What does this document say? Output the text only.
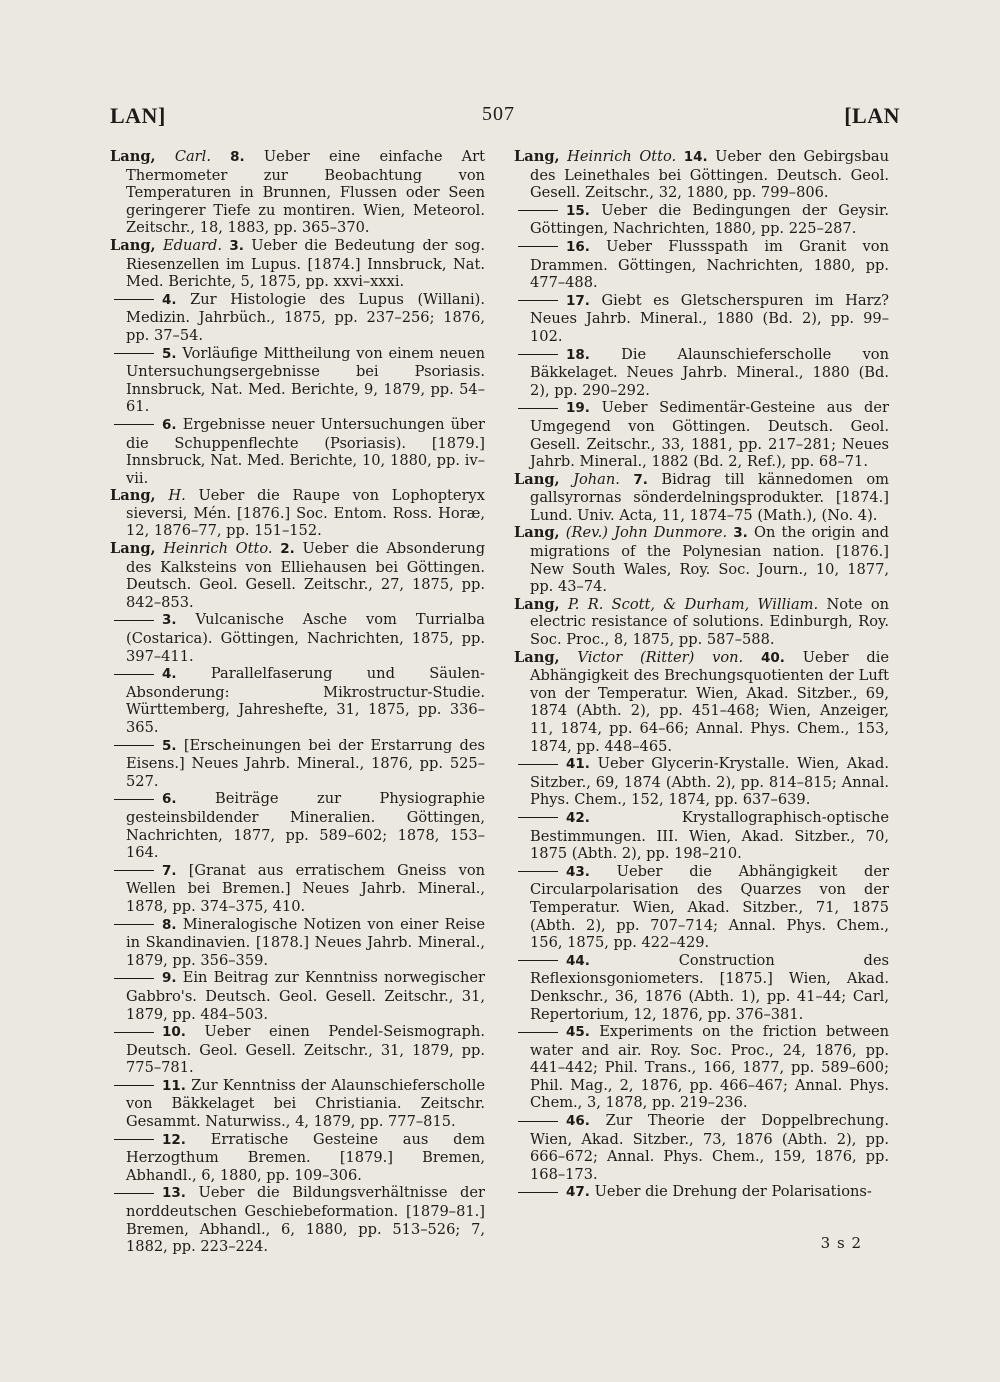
LAN]	507	[LAN

Lang, Carl. 8. Ueber eine einfache Art Thermometer zur Beobachtung von Temperaturen in Brunnen, Flussen oder Seen geringerer Tiefe zu montiren. Wien, Meteorol. Zeitschr., 18, 1883, pp. 365–370.

Lang, Eduard. 3. Ueber die Bedeutung der sog. Riesenzellen im Lupus. [1874.] Innsbruck, Nat. Med. Berichte, 5, 1875, pp. xxvi–xxxi.

4. Zur Histologie des Lupus (Willani). Medizin. Jahrbüch., 1875, pp. 237–256; 1876, pp. 37–54.

5. Vorläufige Mittheilung von einem neuen Untersuchungsergebnisse bei Psoriasis. Innsbruck, Nat. Med. Berichte, 9, 1879, pp. 54–61.

6. Ergebnisse neuer Untersuchungen über die Schuppenflechte (Psoriasis). [1879.] Innsbruck, Nat. Med. Berichte, 10, 1880, pp. iv–vii.

Lang, H. Ueber die Raupe von Lophopteryx sieversi, Mén. [1876.] Soc. Entom. Ross. Horæ, 12, 1876–77, pp. 151–152.

Lang, Heinrich Otto. 2. Ueber die Absonderung des Kalksteins von Elliehausen bei Göttingen. Deutsch. Geol. Gesell. Zeitschr., 27, 1875, pp. 842–853.

3. Vulcanische Asche vom Turrialba (Costarica). Göttingen, Nachrichten, 1875, pp. 397–411.

4. Parallelfaserung und Säulen-Absonderung: Mikrostructur-Studie. Württemberg, Jahreshefte, 31, 1875, pp. 336–365.

5. [Erscheinungen bei der Erstarrung des Eisens.] Neues Jahrb. Mineral., 1876, pp. 525–527.

6.	Beiträge zur Physiographie gesteinsbildender Mineralien. Göttingen, Nachrichten, 1877, pp. 589–602; 1878, 153–164.

7. [Granat aus erratischem Gneiss von Wellen bei Bremen.] Neues Jahrb. Mineral., 1878, pp. 374–375, 410.

8. Mineralogische Notizen von einer Reise in Skandinavien. [1878.] Neues Jahrb. Mineral., 1879, pp. 356–359.

9. Ein Beitrag zur Kenntniss norwegischer Gabbro's. Deutsch. Geol. Gesell. Zeitschr., 31, 1879, pp. 484–503.

10. Ueber einen Pendel-Seismograph. Deutsch. Geol. Gesell. Zeitschr., 31, 1879, pp. 775–781.

11. Zur Kenntniss der Alaunschieferscholle von Bäkkelaget bei Christiania. Zeitschr. Gesammt. Naturwiss., 4, 1879, pp. 777–815.

12. Erratische Gesteine aus dem Herzogthum Bremen. [1879.] Bremen, Abhandl., 6, 1880, pp. 109–306.

13. Ueber die Bildungsverhältnisse der norddeutschen Geschiebeformation. [1879–81.] Bremen, Abhandl., 6, 1880, pp. 513–526; 7, 1882, pp. 223–224.

Lang, Heinrich Otto. 14. Ueber den Gebirgsbau des Leinethales bei Göttingen. Deutsch. Geol. Gesell. Zeitschr., 32, 1880, pp. 799–806.

15. Ueber die Bedingungen der Geysir. Göttingen, Nachrichten, 1880, pp. 225–287.

16. Ueber Flussspath im Granit von Drammen. Göttingen, Nachrichten, 1880, pp. 477–488.

17. Giebt es Gletscherspuren im Harz? Neues Jahrb. Mineral., 1880 (Bd. 2), pp. 99–102.

18. Die Alaunschieferscholle von Bäkkelaget. Neues Jahrb. Mineral., 1880 (Bd. 2), pp. 290–292.

19. Ueber Sedimentär-Gesteine aus der Umgegend von Göttingen. Deutsch. Geol. Gesell. Zeitschr., 33, 1881, pp. 217–281; Neues Jahrb. Mineral., 1882 (Bd. 2, Ref.), pp. 68–71.

Lang, Johan. 7. Bidrag till kännedomen om gallsyrornas sönderdelningsprodukter. [1874.] Lund. Univ. Acta, 11, 1874–75 (Math.), (No. 4).

Lang, (Rev.) John Dunmore. 3. On the origin and migrations of the Polynesian nation. [1876.] New South Wales, Roy. Soc. Journ., 10, 1877, pp. 43–74.

Lang, P. R. Scott, & Durham, William. Note on electric resistance of solutions. Edinburgh, Roy. Soc. Proc., 8, 1875, pp. 587–588.

Lang, Victor (Ritter) von. 40. Ueber die Abhängigkeit des Brechungsquotienten der Luft von der Temperatur. Wien, Akad. Sitzber., 69, 1874 (Abth. 2), pp. 451–468; Wien, Anzeiger, 11, 1874, pp. 64–66; Annal. Phys. Chem., 153, 1874, pp. 448–465.

41. Ueber Glycerin-Krystalle. Wien, Akad. Sitzber., 69, 1874 (Abth. 2), pp. 814–815; Annal. Phys. Chem., 152, 1874, pp. 637–639.

42.	Krystallographisch-optische Bestimmungen. III. Wien, Akad. Sitzber., 70, 1875 (Abth. 2), pp. 198–210.

43. Ueber die Abhängigkeit der Circularpolarisation des Quarzes von der Temperatur. Wien, Akad. Sitzber., 71, 1875 (Abth. 2), pp. 707–714; Annal. Phys. Chem., 156, 1875, pp. 422–429.

44.	Construction des Reflexionsgoniometers. [1875.] Wien, Akad. Denkschr., 36, 1876 (Abth. 1), pp. 41–44; Carl, Repertorium, 12, 1876, pp. 376–381.

45. Experiments on the friction between water and air. Roy. Soc. Proc., 24, 1876, pp. 441–442; Phil. Trans., 166, 1877, pp. 589–600; Phil. Mag., 2, 1876, pp. 466–467; Annal. Phys. Chem., 3, 1878, pp. 219–236.

46. Zur Theorie der Doppelbrechung. Wien, Akad. Sitzber., 73, 1876 (Abth. 2), pp. 666–672; Annal. Phys. Chem., 159, 1876, pp. 168–173.

47. Ueber die Drehung der Polarisations-

3 s 2
